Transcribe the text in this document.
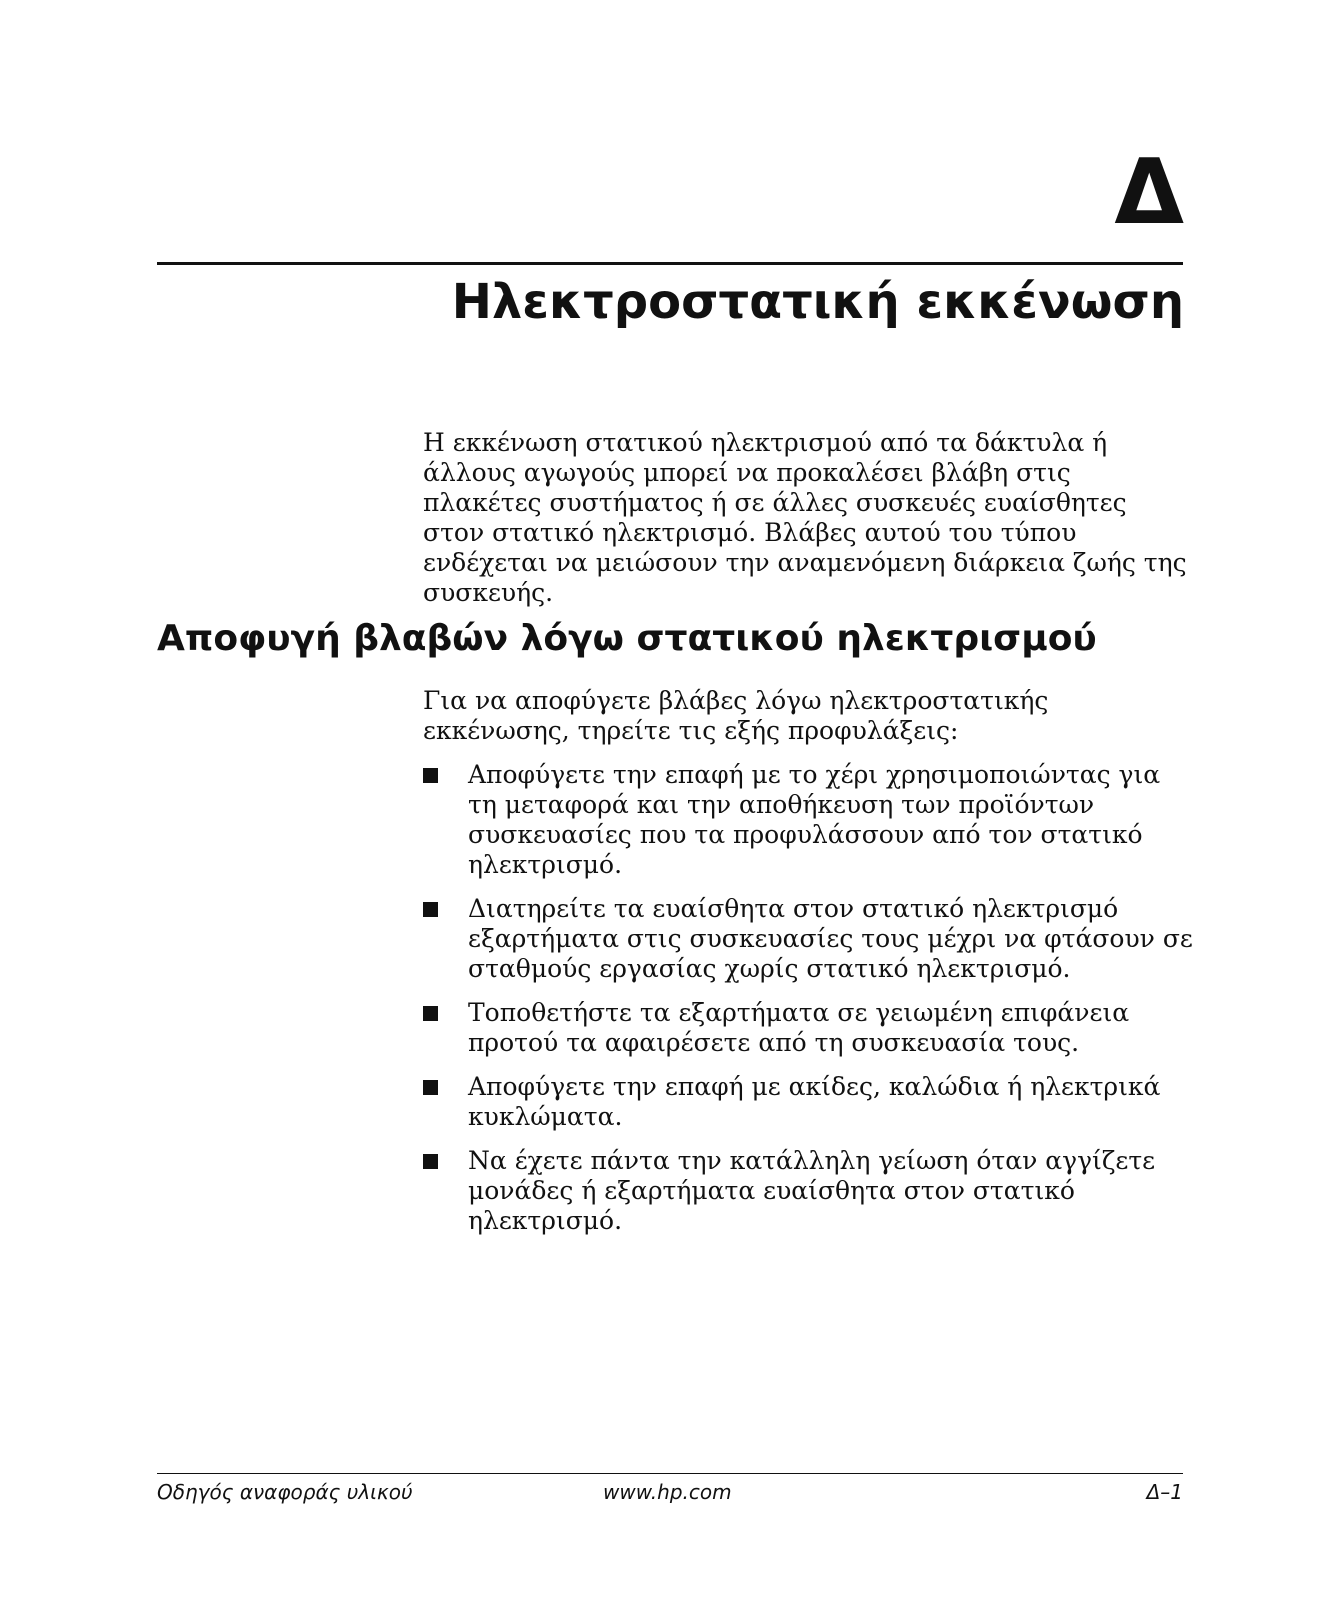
Δ
Ηλεκτροστατική εκκένωση

Η εκκένωση στατικού ηλεκτρισμού από τα δάκτυλα ή άλλους αγωγούς μπορεί να προκαλέσει βλάβη στις πλακέτες συστήματος ή σε άλλες συσκευές ευαίσθητες στον στατικό ηλεκτρισμό. Βλάβες αυτού του τύπου ενδέχεται να μειώσουν την αναμενόμενη διάρκεια ζωής της συσκευής.

Αποφυγή βλαβών λόγω στατικού ηλεκτρισμού

Για να αποφύγετε βλάβες λόγω ηλεκτροστατικής εκκένωσης, τηρείτε τις εξής προφυλάξεις:

Αποφύγετε την επαφή με το χέρι χρησιμοποιώντας για τη μεταφορά και την αποθήκευση των προϊόντων συσκευασίες που τα προφυλάσσουν από τον στατικό ηλεκτρισμό.
Διατηρείτε τα ευαίσθητα στον στατικό ηλεκτρισμό εξαρτήματα στις συσκευασίες τους μέχρι να φτάσουν σε σταθμούς εργασίας χωρίς στατικό ηλεκτρισμό.
Τοποθετήστε τα εξαρτήματα σε γειωμένη επιφάνεια προτού τα αφαιρέσετε από τη συσκευασία τους.
Αποφύγετε την επαφή με ακίδες, καλώδια ή ηλεκτρικά κυκλώματα.
Να έχετε πάντα την κατάλληλη γείωση όταν αγγίζετε μονάδες ή εξαρτήματα ευαίσθητα στον στατικό ηλεκτρισμό.
Οδηγός αναφοράς υλικού	www.hp.com	Δ–1
